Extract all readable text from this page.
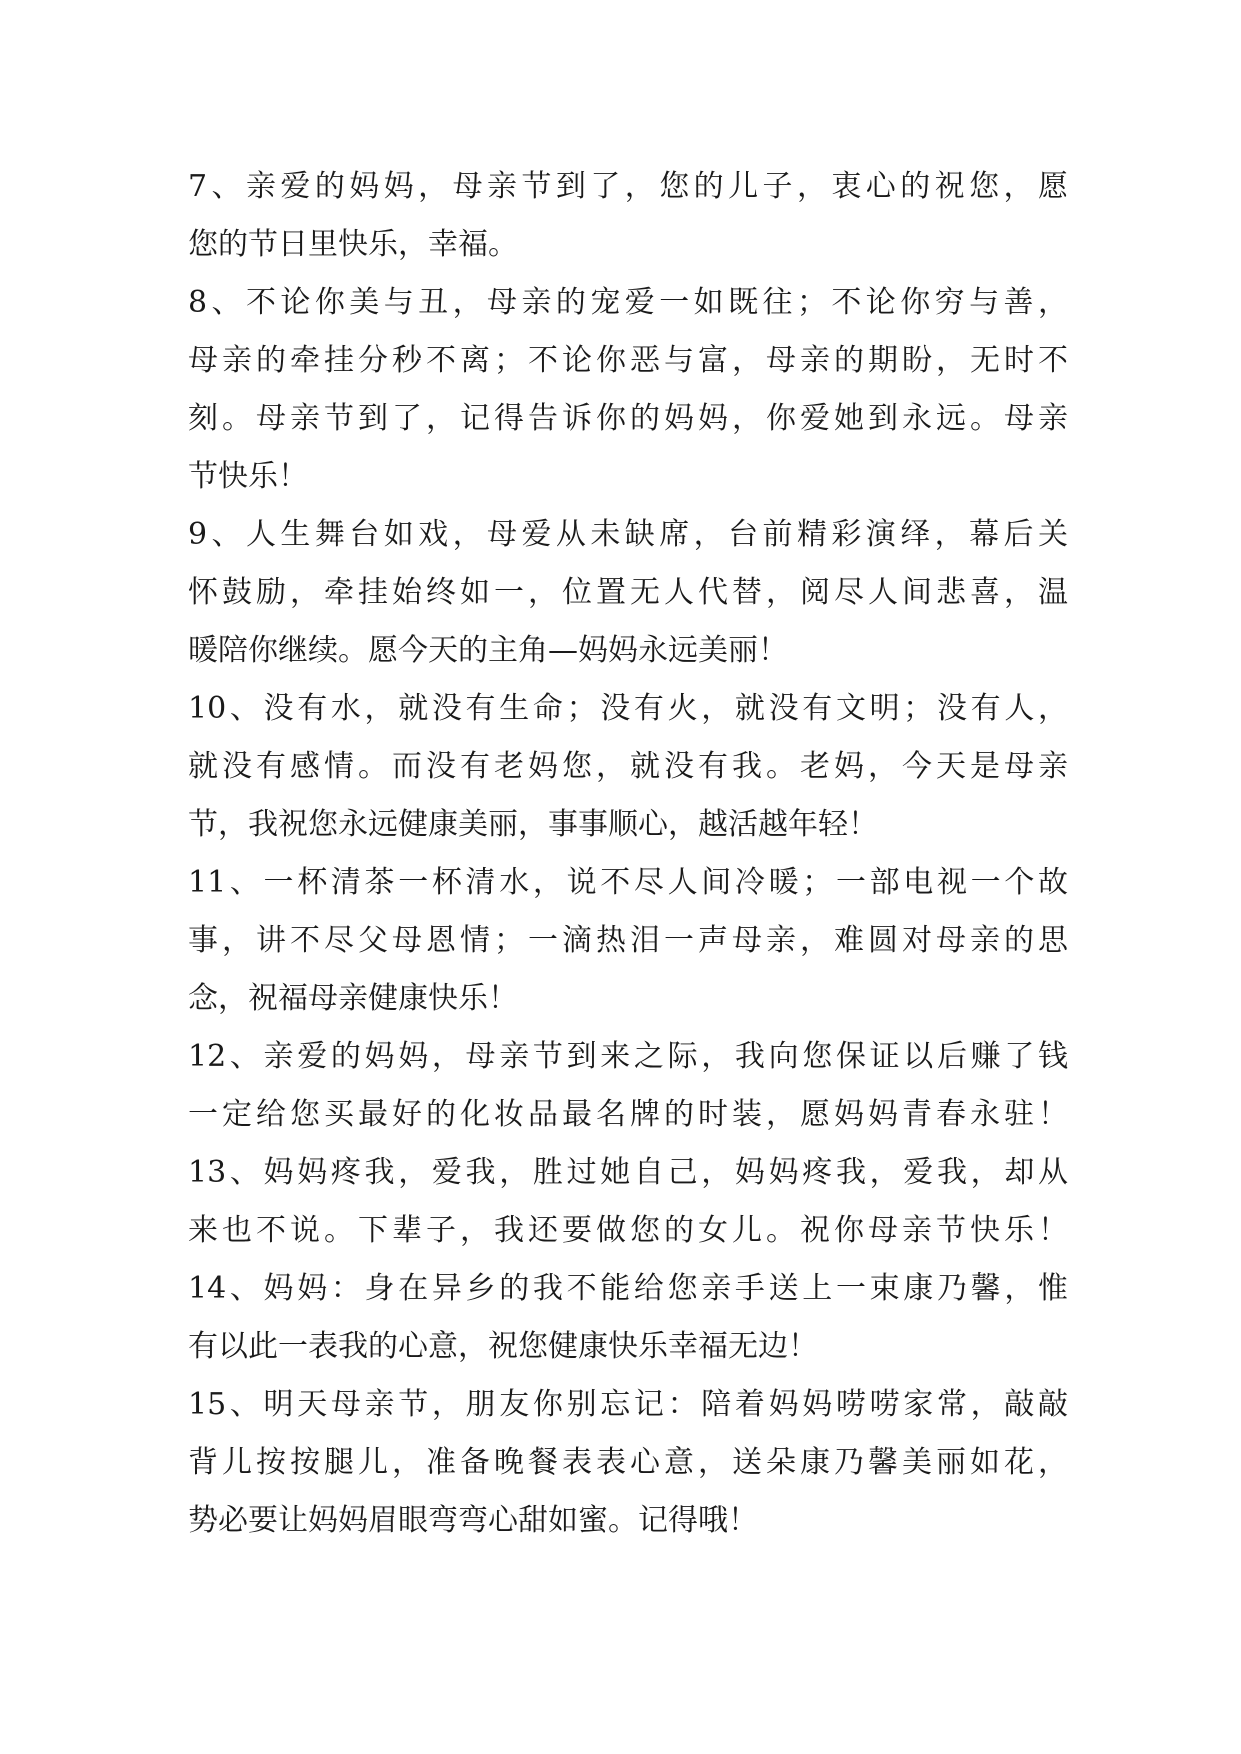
7、亲爱的妈妈，母亲节到了，您的儿子，衷心的祝您，愿
您的节日里快乐，幸福。
8、不论你美与丑，母亲的宠爱一如既往；不论你穷与善，
母亲的牵挂分秒不离；不论你恶与富，母亲的期盼，无时不
刻。母亲节到了，记得告诉你的妈妈，你爱她到永远。母亲
节快乐！
9、人生舞台如戏，母爱从未缺席，台前精彩演绎，幕后关
怀鼓励，牵挂始终如一，位置无人代替，阅尽人间悲喜，温
暖陪你继续。愿今天的主角—妈妈永远美丽！
10、没有水，就没有生命；没有火，就没有文明；没有人，
就没有感情。而没有老妈您，就没有我。老妈，今天是母亲
节，我祝您永远健康美丽，事事顺心，越活越年轻！
11、一杯清茶一杯清水，说不尽人间冷暖；一部电视一个故
事，讲不尽父母恩情；一滴热泪一声母亲，难圆对母亲的思
念，祝福母亲健康快乐！
12、亲爱的妈妈，母亲节到来之际，我向您保证以后赚了钱
一定给您买最好的化妆品最名牌的时装，愿妈妈青春永驻！
13、妈妈疼我，爱我，胜过她自己，妈妈疼我，爱我，却从
来也不说。下辈子，我还要做您的女儿。祝你母亲节快乐！
14、妈妈：身在异乡的我不能给您亲手送上一束康乃馨，惟
有以此一表我的心意，祝您健康快乐幸福无边！
15、明天母亲节，朋友你别忘记：陪着妈妈唠唠家常，敲敲
背儿按按腿儿，准备晚餐表表心意，送朵康乃馨美丽如花，
势必要让妈妈眉眼弯弯心甜如蜜。记得哦！
